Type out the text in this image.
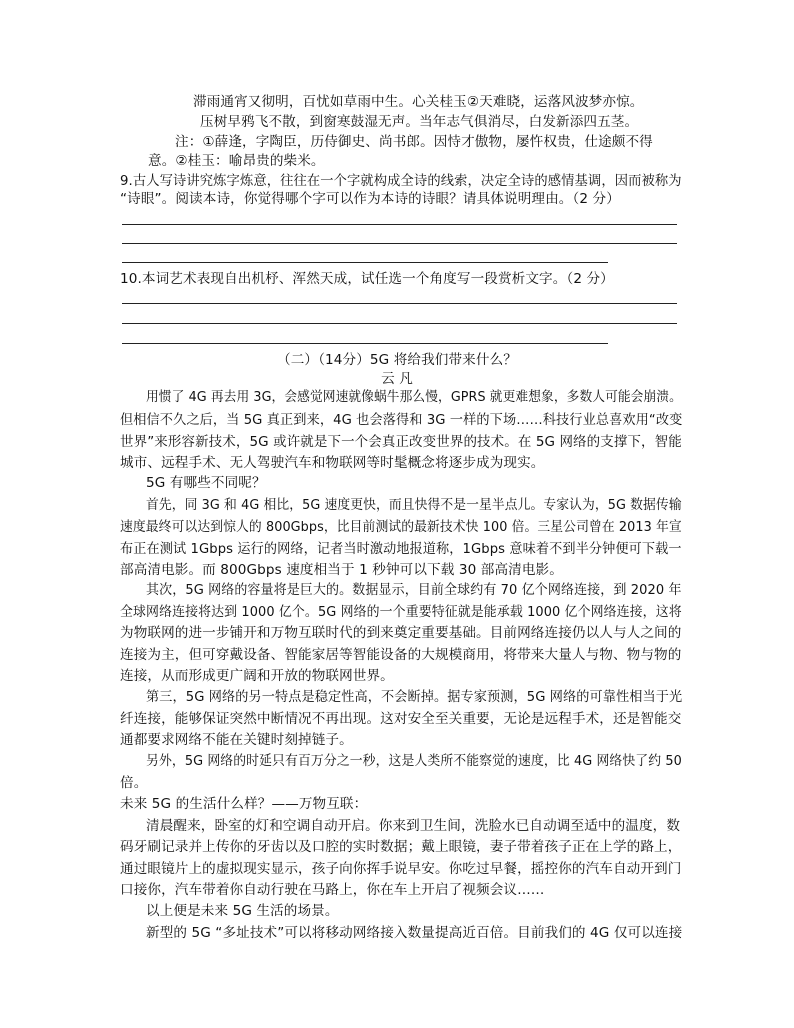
滞雨通宵又彻明，百忧如草雨中生。心关桂玉②天难晓，运落风波梦亦惊。
压树早鸦飞不散，到窗寒鼓湿无声。当年志气俱消尽，白发新添四五茎。
注：①薛逢，字陶臣，历侍御史、尚书郎。因恃才傲物，屡忤权贵，仕途颇不得
意。②桂玉：喻昂贵的柴米。
9.古人写诗讲究炼字炼意，往往在一个字就构成全诗的线索，决定全诗的感情基调，因而被称为
“诗眼”。阅读本诗，你觉得哪个字可以作为本诗的诗眼？请具体说明理由。（2 分）
10.本词艺术表现自出机杼、浑然天成，试任选一个角度写一段赏析文字。（2 分）
（二）（14分）5G 将给我们带来什么？
云 凡
用惯了 4G 再去用 3G，会感觉网速就像蜗牛那么慢，GPRS 就更难想象，多数人可能会崩溃。
但相信不久之后，当 5G 真正到来，4G 也会落得和 3G 一样的下场……科技行业总喜欢用“改变
世界”来形容新技术，5G 或许就是下一个会真正改变世界的技术。在 5G 网络的支撑下，智能
城市、远程手术、无人驾驶汽车和物联网等时髦概念将逐步成为现实。
5G 有哪些不同呢？
首先，同 3G 和 4G 相比，5G 速度更快，而且快得不是一星半点儿。专家认为，5G 数据传输
速度最终可以达到惊人的 800Gbps，比目前测试的最新技术快 100 倍。三星公司曾在 2013 年宣
布正在测试 1Gbps 运行的网络，记者当时激动地报道称，1Gbps 意味着不到半分钟便可下载一
部高清电影。而 800Gbps 速度相当于 1 秒钟可以下载 30 部高清电影。
其次，5G 网络的容量将是巨大的。数据显示，目前全球约有 70 亿个网络连接，到 2020 年
全球网络连接将达到 1000 亿个。5G 网络的一个重要特征就是能承载 1000 亿个网络连接，这将
为物联网的进一步铺开和万物互联时代的到来奠定重要基础。目前网络连接仍以人与人之间的
连接为主，但可穿戴设备、智能家居等智能设备的大规模商用，将带来大量人与物、物与物的
连接，从而形成更广阔和开放的物联网世界。
第三，5G 网络的另一特点是稳定性高，不会断掉。据专家预测，5G 网络的可靠性相当于光
纤连接，能够保证突然中断情况不再出现。这对安全至关重要，无论是远程手术，还是智能交
通都要求网络不能在关键时刻掉链子。
另外，5G 网络的时延只有百万分之一秒，这是人类所不能察觉的速度，比 4G 网络快了约 50
倍。
未来 5G 的生活什么样？——万物互联：
清晨醒来，卧室的灯和空调自动开启。你来到卫生间，洗脸水已自动调至适中的温度，数
码牙刷记录并上传你的牙齿以及口腔的实时数据；戴上眼镜，妻子带着孩子正在上学的路上，
通过眼镜片上的虚拟现实显示，孩子向你挥手说早安。你吃过早餐，摇控你的汽车自动开到门
口接你，汽车带着你自动行驶在马路上，你在车上开启了视频会议……
以上便是未来 5G 生活的场景。
新型的 5G “多址技术”可以将移动网络接入数量提高近百倍。目前我们的 4G 仅可以连接
